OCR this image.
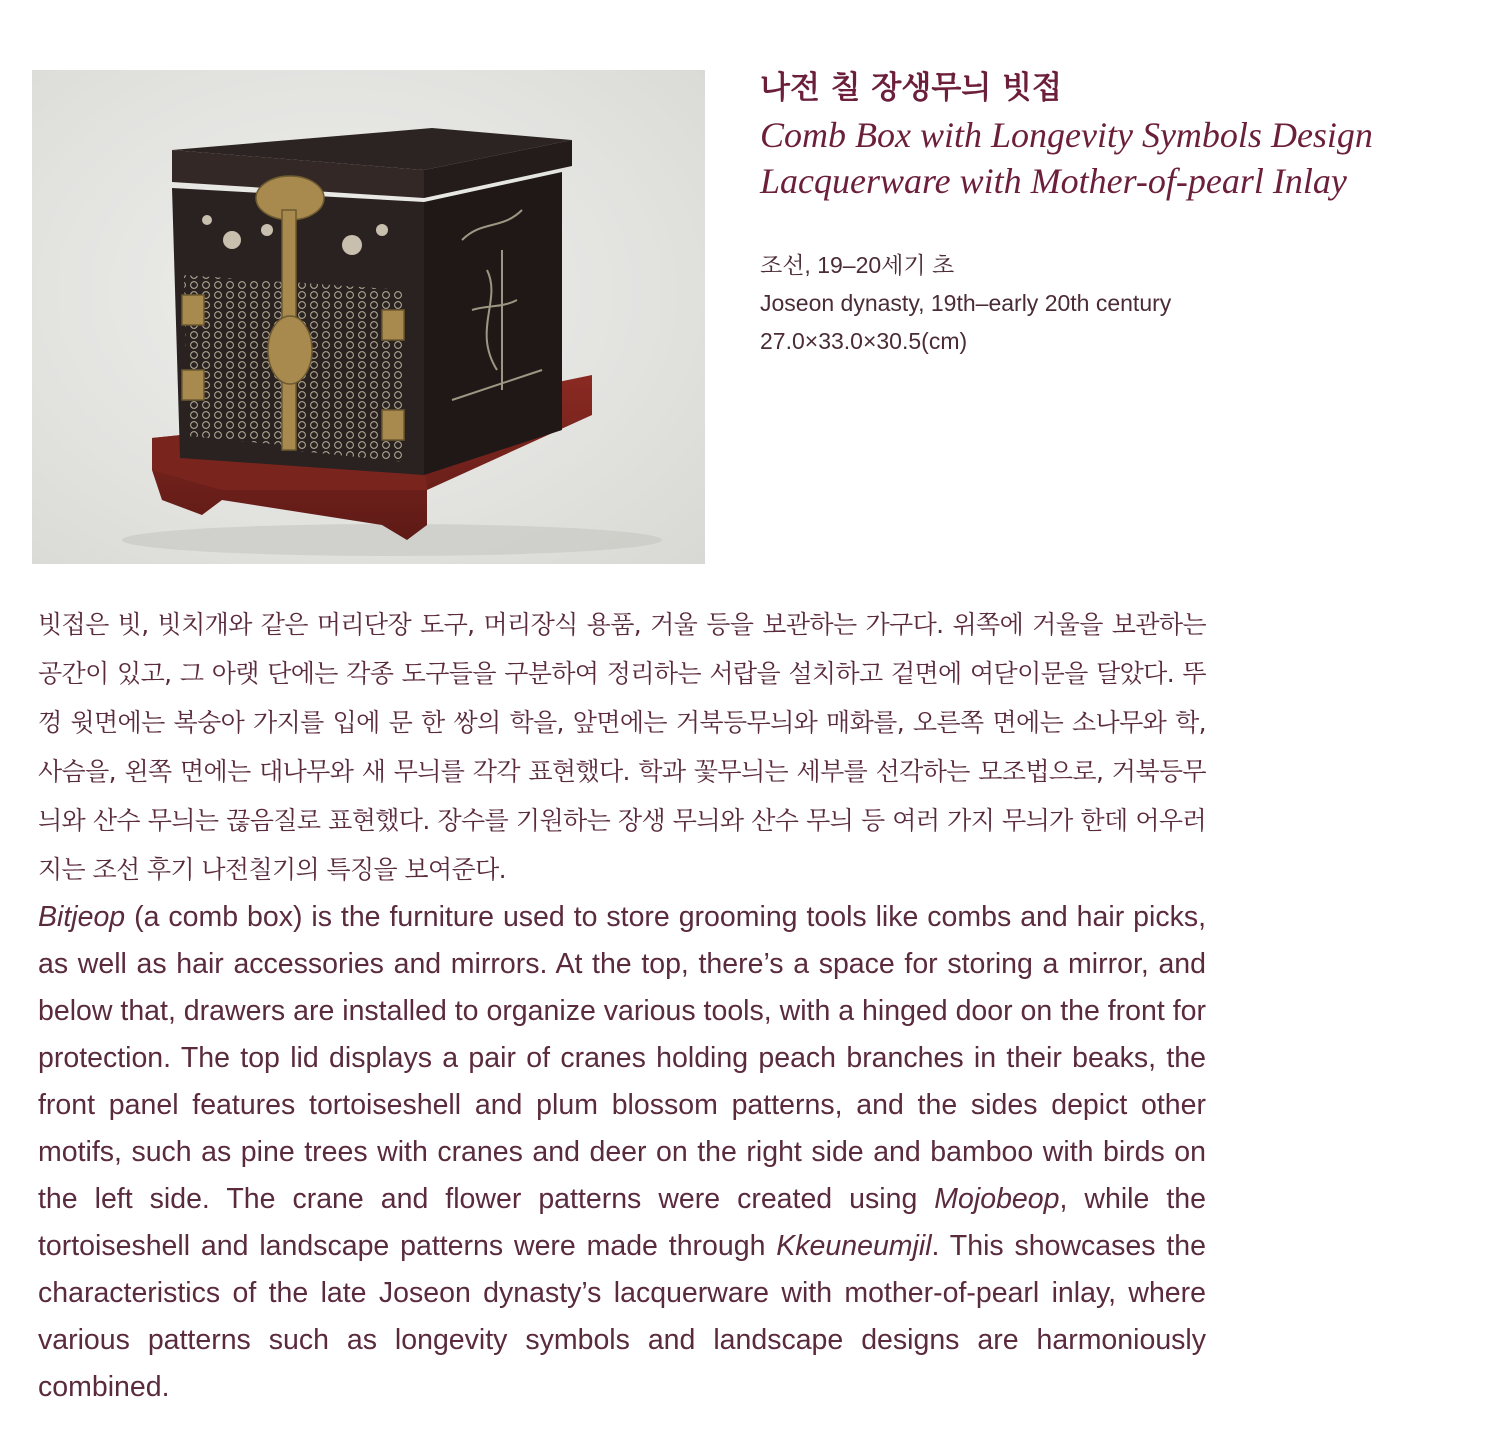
나전 칠 장생무늬 빗접
Comb Box with Longevity Symbols Design
Lacquerware with Mother-of-pearl Inlay
조선, 19–20세기 초
Joseon dynasty, 19th–early 20th century
27.0×33.0×30.5(cm)

빗접은 빗, 빗치개와 같은 머리단장 도구, 머리장식 용품, 거울 등을 보관하는 가구다. 위쪽에 거울을 보관하는 공간이 있고, 그 아랫 단에는 각종 도구들을 구분하여 정리하는 서랍을 설치하고 겉면에 여닫이문을 달았다. 뚜껑 윗면에는 복숭아 가지를 입에 문 한 쌍의 학을, 앞면에는 거북등무늬와 매화를, 오른쪽 면에는 소나무와 학, 사슴을, 왼쪽 면에는 대나무와 새 무늬를 각각 표현했다. 학과 꽃무늬는 세부를 선각하는 모조법으로, 거북등무늬와 산수 무늬는 끊음질로 표현했다. 장수를 기원하는 장생 무늬와 산수 무늬 등 여러 가지 무늬가 한데 어우러지는 조선 후기 나전칠기의 특징을 보여준다.

Bitjeop (a comb box) is the furniture used to store grooming tools like combs and hair picks, as well as hair accessories and mirrors. At the top, there’s a space for storing a mirror, and below that, drawers are installed to organize various tools, with a hinged door on the front for protection. The top lid displays a pair of cranes holding peach branches in their beaks, the front panel features tortoiseshell and plum blossom patterns, and the sides depict other motifs, such as pine trees with cranes and deer on the right side and bamboo with birds on the left side. The crane and flower patterns were created using Mojobeop, while the tortoiseshell and landscape patterns were made through Kkeuneumjil. This showcases the characteristics of the late Joseon dynasty’s lacquerware with mother-of-pearl inlay, where various patterns such as longevity symbols and landscape designs are harmoniously combined.
